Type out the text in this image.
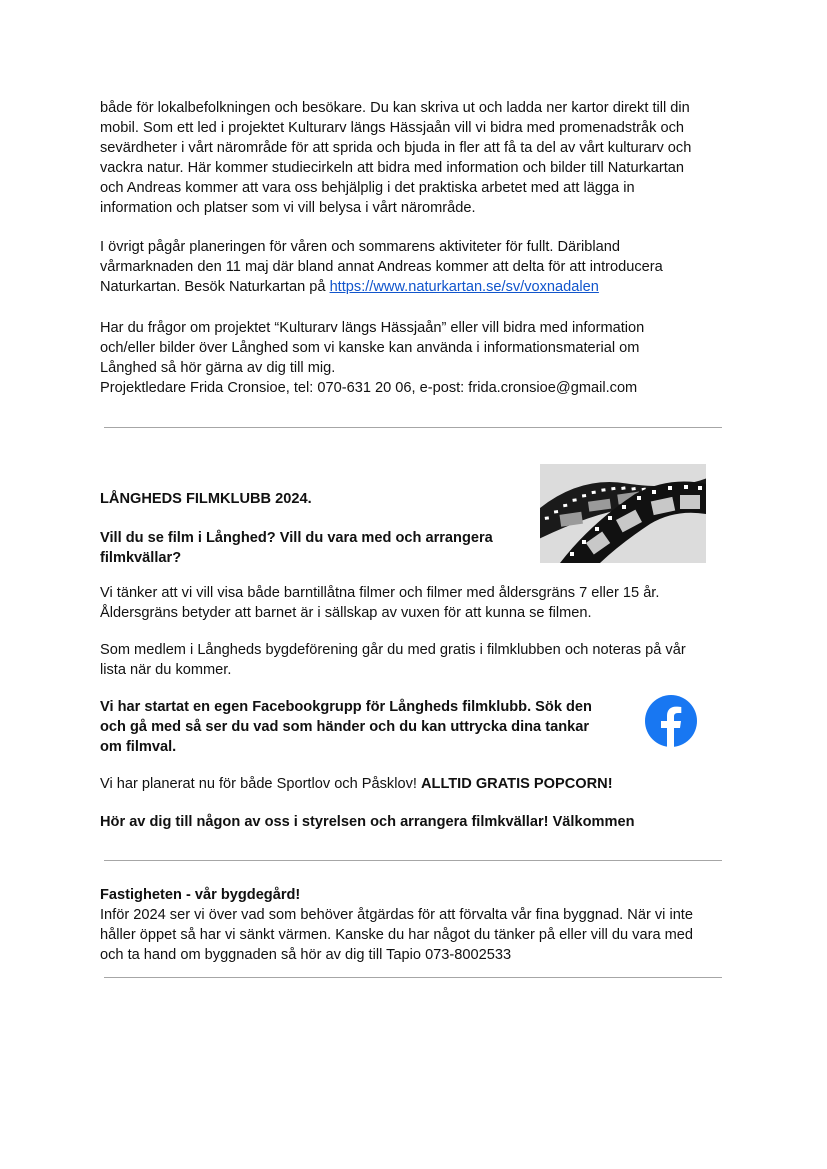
både för lokalbefolkningen och besökare. Du kan skriva ut och ladda ner kartor direkt till din

mobil. Som ett led i projektet Kulturarv längs Hässjaån vill vi bidra med promenadstråk och

sevärdheter i vårt närområde för att sprida och bjuda in fler att få ta del av vårt kulturarv och

vackra natur. Här kommer studiecirkeln att bidra med information och bilder till Naturkartan

och Andreas kommer att vara oss behjälplig i det praktiska arbetet med att lägga in

information och platser som vi vill belysa i vårt närområde.

I övrigt pågår planeringen för våren och sommarens aktiviteter för fullt. Däribland

vårmarknaden den 11 maj där bland annat Andreas kommer att delta för att introducera

Naturkartan. Besök Naturkartan på https://www.naturkartan.se/sv/voxnadalen

Har du frågor om projektet “Kulturarv längs Hässjaån” eller vill bidra med information

och/eller bilder över Långhed som vi kanske kan använda i informationsmaterial om

Långhed så hör gärna av dig till mig.

Projektledare Frida Cronsioe, tel: 070-631 20 06, e-post: frida.cronsioe@gmail.com

LÅNGHEDS FILMKLUBB 2024.

Vill du se film i Långhed? Vill du vara med och arrangera

filmkvällar?

Vi tänker att vi vill visa både barntillåtna filmer och filmer med åldersgräns 7 eller 15 år.

Åldersgräns betyder att barnet är i sällskap av vuxen för att kunna se filmen.

Som medlem i Långheds bygdeförening går du med gratis i filmklubben och noteras på vår

lista när du kommer.

Vi har startat en egen Facebookgrupp för Långheds filmklubb. Sök den

och gå med så ser du vad som händer och du kan uttrycka dina tankar

om filmval.

Vi har planerat nu för både Sportlov och Påsklov! ALLTID GRATIS POPCORN!

Hör av dig till någon av oss i styrelsen och arrangera filmkvällar! Välkommen

Fastigheten - vår bygdegård!

Inför 2024 ser vi över vad som behöver åtgärdas för att förvalta vår fina byggnad. När vi inte

håller öppet så har vi sänkt värmen. Kanske du har något du tänker på eller vill du vara med

och ta hand om byggnaden så hör av dig till Tapio 073-8002533
